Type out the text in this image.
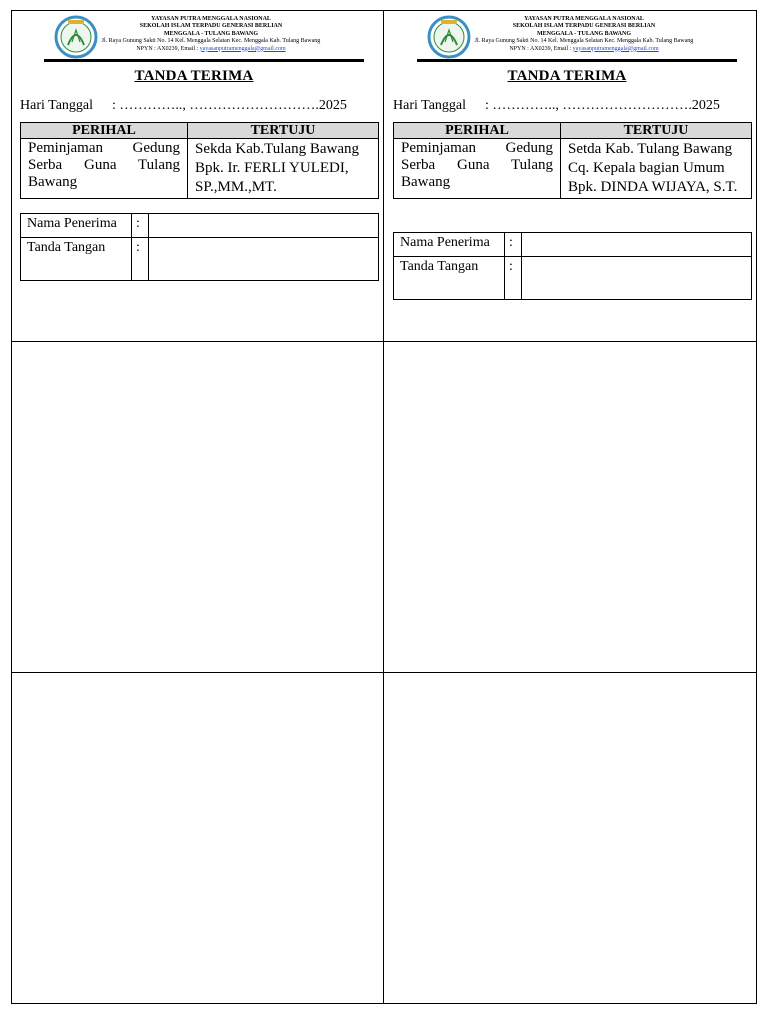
YAYASAN PUTRA MENGGALA NASIONAL
SEKOLAH ISLAM TERPADU GENERASI BERLIAN
MENGGALA - TULANG BAWANG
Jl. Raya Gunung Sakti No. 14 Kel. Menggala Selatan Kec. Menggala Kab. Tulang Bawang
NPYN : AX0239, Email : yayasanputramenggala@gmail.com
TANDA TERIMA
Hari Tanggal : ………….., ……………………….2025
PERIHAL	TERTUJU
Peminjaman Gedung Serba Guna Tulang Bawang	Sekda Kab.Tulang Bawang Bpk. Ir. FERLI YULEDI, SP.,MM.,MT.
Nama Penerima	:	
Tanda Tangan	:	
YAYASAN PUTRA MENGGALA NASIONAL
SEKOLAH ISLAM TERPADU GENERASI BERLIAN
MENGGALA - TULANG BAWANG
Jl. Raya Gunung Sakti No. 14 Kel. Menggala Selatan Kec. Menggala Kab. Tulang Bawang
NPYN : AX0239, Email : yayasanputramenggala@gmail.com
TANDA TERIMA
Hari Tanggal : ………….., ……………………….2025
PERIHAL	TERTUJU
Peminjaman Gedung Serba Guna Tulang Bawang	Setda Kab. Tulang Bawang Cq. Kepala bagian Umum Bpk. DINDA WIJAYA, S.T.
Nama Penerima	:	
Tanda Tangan	:	
